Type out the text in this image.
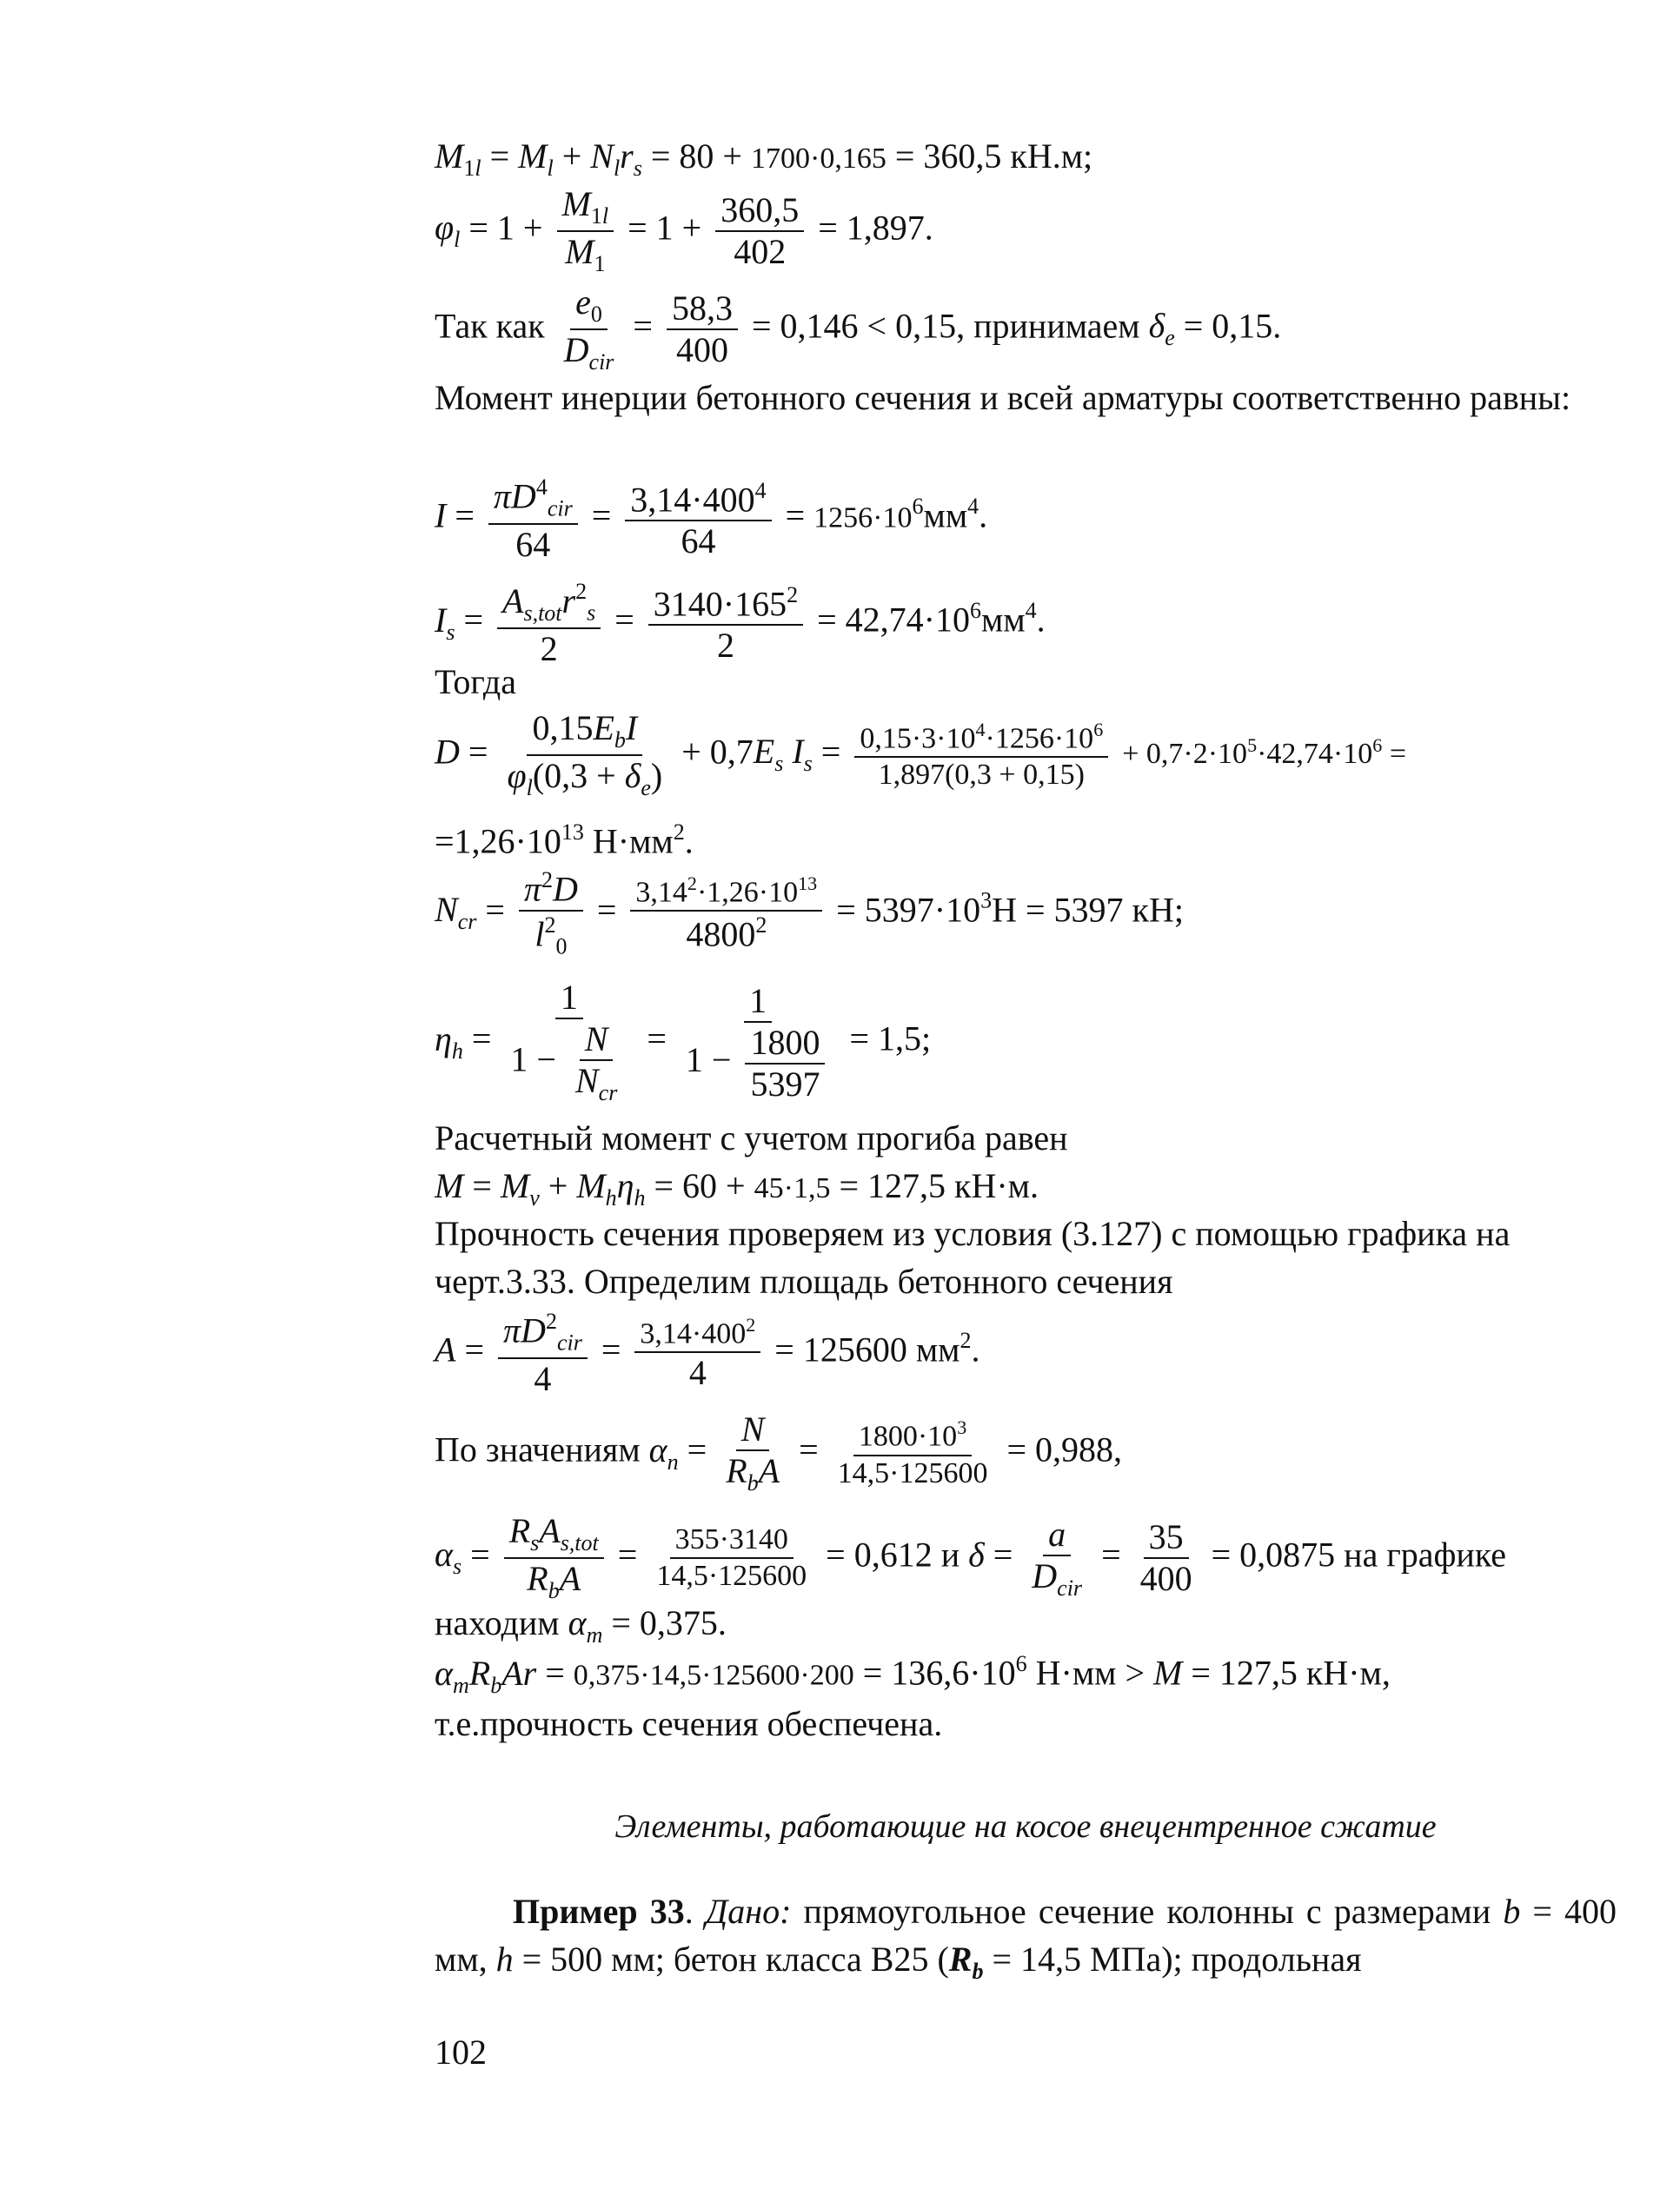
$M_{1l} = M_l + N_lr_s = 80 + 1700\cdot 0,165 = 360,5$ кН.м;
$\varphi_l = 1 + \frac{M_{1l}}{M_1} = 1 + \frac{360,5}{402} = 1,897$.
Так как $\frac{e_0}{D_{cir}} = \frac{58,3}{400} = 0,146 < 0,15$, принимаем $\delta_e = 0,15$.
Момент инерции бетонного сечения и всей арматуры соответственно равны:
$I = \frac{\pi D^4_{cir}}{64} = \frac{3,14\cdot 400^4}{64} = 1256\cdot 10^6мм^4$.
$I_s = \frac{A_{s,tot}r^2_s}{2} = \frac{3140\cdot 165^2}{2} = 42,74\cdot 10^6мм^4$.
Тогда
$D = \frac{0,15E_bI}{\varphi_l(0,3 + \delta_e)} + 0,7E_s$ $I_s = \frac{0,15\cdot 3\cdot 10^4\cdot 1256\cdot 10^6}{1,897(0,3 + 0,15)} + 0,7\cdot 2\cdot 10^5\cdot 42,74\cdot 10^6$ =
$=1,26\cdot 10^{13}$ $Н\cdot мм^2$.
$N_{cr} = \frac{\pi^2D}{l^2_0} = \frac{3,14^2\cdot 1,26\cdot 10^{13}}{4800^2} = 5397\cdot 10^3Н = 5397$ кН;
$\eta_h = \frac{1}{1 - \frac{N}{N_{cr}}} = \frac{1}{1 - \frac{1800}{5397}} = 1,5$;
Расчетный момент с учетом прогиба равен
$M = M_v + M_h\eta_h = 60 + 45\cdot 1,5 = 127,5$ кН·м.
Прочность сечения проверяем из условия (3.127) с помощью графика на черт.3.33. Определим площадь бетонного сечения
$A = \frac{\pi D^2_{cir}}{4} = \frac{3,14\cdot 400^2}{4} = 125600$ $мм^2$.
По значениям $\alpha_n = \frac{N}{R_bA} = \frac{1800\cdot 10^3}{14,5\cdot 125600} = 0,988$,
$\alpha_s = \frac{R_sA_{s,tot}}{R_bA} = \frac{355\cdot 3140}{14,5\cdot 125600} = 0,612$ и $\delta = \frac{a}{D_{cir}} = \frac{35}{400} = 0,0875$ на графике
находим $\alpha_m = 0,375$.
$\alpha_mR_bAr = 0,375\cdot 14,5\cdot 125600\cdot 200 = 136,6\cdot 10^6$ Н·мм > M = 127,5 кН·м,
т.е.прочность сечения обеспечена.
Элементы, работающие на косое внецентренное сжатие
Пример 33. Дано: прямоугольное сечение колонны с размерами b = 400 мм, h = 500 мм; бетон класса В25 ($R_b = 14,5$ МПа); продольная
102
